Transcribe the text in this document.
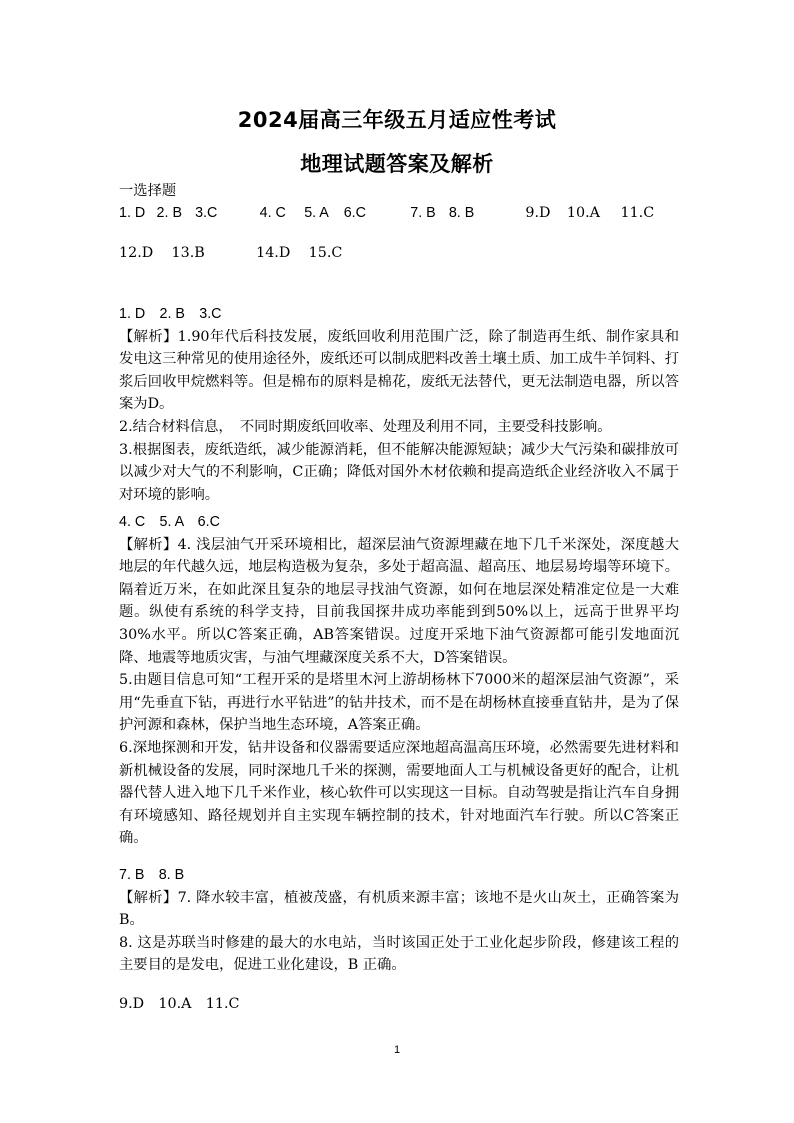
2024届高三年级五月适应性考试
地理试题答案及解析
一选择题
1. D 2. B 3.C	4. C 5. A 6.C	7. B 8. B	9.D 10.A 11.C
12.D 13.B	14.D 15.C
1. D　2. B　3.C
【解析】1.90年代后科技发展，废纸回收利用范围广泛，除了制造再生纸、制作家具和发电这三种常见的使用途径外，废纸还可以制成肥料改善土壤土质、加工成牛羊饲料、打浆后回收甲烷燃料等。但是棉布的原料是棉花，废纸无法替代，更无法制造电器，所以答案为D。
2.结合材料信息，　不同时期废纸回收率、处理及利用不同，主要受科技影响。
3.根据图表，废纸造纸，减少能源消耗，但不能解决能源短缺；减少大气污染和碳排放可以减少对大气的不利影响，C正确；降低对国外木材依赖和提高造纸企业经济收入不属于对环境的影响。
4. C　5. A　6.C
【解析】4. 浅层油气开采环境相比，超深层油气资源埋藏在地下几千米深处，深度越大地层的年代越久远，地层构造极为复杂，多处于超高温、超高压、地层易垮塌等环境下。隔着近万米，在如此深且复杂的地层寻找油气资源，如何在地层深处精准定位是一大难题。纵使有系统的科学支持，目前我国探井成功率能到到50%以上，远高于世界平均30%水平。所以C答案正确，AB答案错误。过度开采地下油气资源都可能引发地面沉降、地震等地质灾害，与油气埋藏深度关系不大，D答案错误。
5.由题目信息可知“工程开采的是塔里木河上游胡杨林下7000米的超深层油气资源”，采用“先垂直下钻，再进行水平钻进”的钻井技术，而不是在胡杨林直接垂直钻井，是为了保护河源和森林，保护当地生态环境，A答案正确。
6.深地探测和开发，钻井设备和仪器需要适应深地超高温高压环境，必然需要先进材料和新机械设备的发展，同时深地几千米的探测，需要地面人工与机械设备更好的配合，让机器代替人进入地下几千米作业，核心软件可以实现这一目标。自动驾驶是指让汽车自身拥有环境感知、路径规划并自主实现车辆控制的技术，针对地面汽车行驶。所以C答案正确。
7. B　8. B
【解析】7. 降水较丰富，植被茂盛，有机质来源丰富；该地不是火山灰土，正确答案为B。
8. 这是苏联当时修建的最大的水电站，当时该国正处于工业化起步阶段，修建该工程的主要目的是发电，促进工业化建设，B 正确。
9.D　10.A　11.C
1
